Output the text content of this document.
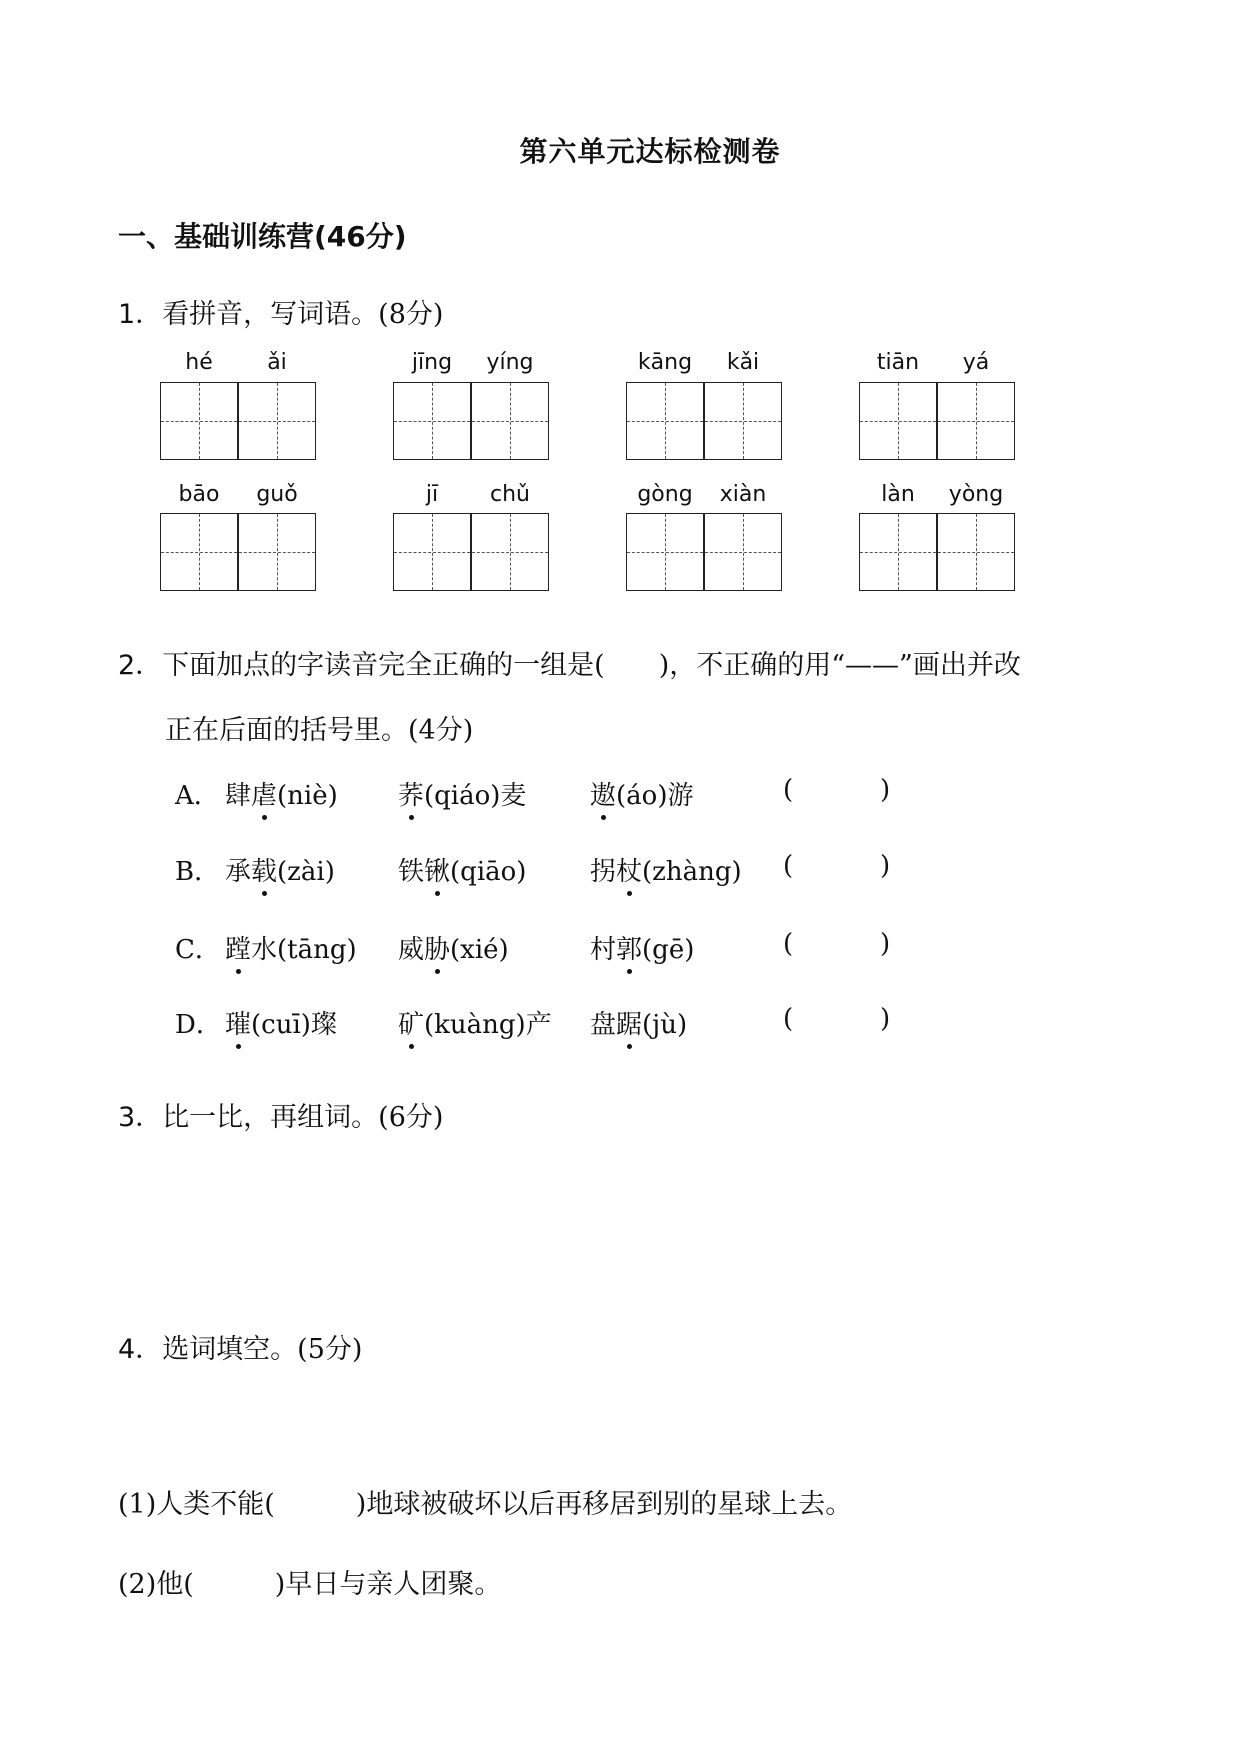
第六单元达标检测卷
一、基础训练营(46分)
1．看拼音，写词语。(8分)
hé	ǎi	jīng	yíng	kāng	kǎi	tiān	yá
bāo	guǒ	jī	chǔ	gòng	xiàn	làn	yòng
2．下面加点的字读音完全正确的一组是(　　)，不正确的用“——”画出并改
正在后面的括号里。(4分)
A． 肆虐(niè) 荞(qiáo)麦 遨(áo)游	(	)
B． 承载(zài) 铁锹(qiāo) 拐杖(zhàng) (	)
C． 蹚水(tāng) 威胁(xié)	村郭(gē)	(	)
D． 璀(cuī)璨 矿(kuàng)产 盘踞(jù)	(	)
3．比一比，再组词。(6分)
4．选词填空。(5分)
(1)人类不能(　　　)地球被破坏以后再移居到别的星球上去。
(2)他(　　　)早日与亲人团聚。
